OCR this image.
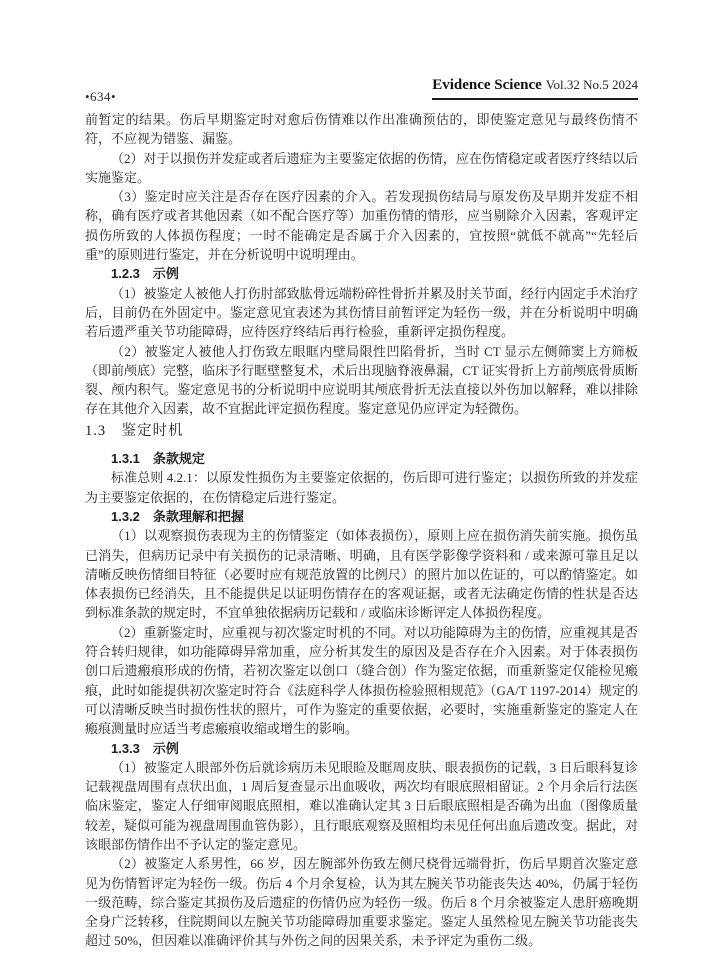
•634•
Evidence Science Vol.32 No.5 2024

前暂定的结果。伤后早期鉴定时对愈后伤情难以作出准确预估的，即使鉴定意见与最终伤情不符，不应视为错鉴、漏鉴。

（2）对于以损伤并发症或者后遗症为主要鉴定依据的伤情，应在伤情稳定或者医疗终结以后实施鉴定。

（3）鉴定时应关注是否存在医疗因素的介入。若发现损伤结局与原发伤及早期并发症不相称，确有医疗或者其他因素（如不配合医疗等）加重伤情的情形，应当剔除介入因素，客观评定损伤所致的人体损伤程度；一时不能确定是否属于介入因素的，宜按照“就低不就高”“先轻后重”的原则进行鉴定，并在分析说明中说明理由。

1.2.3　示例

（1）被鉴定人被他人打伤肘部致肱骨远端粉碎性骨折并累及肘关节面，经行内固定手术治疗后，目前仍在外固定中。鉴定意见宜表述为其伤情目前暂评定为轻伤一级，并在分析说明中明确若后遗严重关节功能障碍，应待医疗终结后再行检验，重新评定损伤程度。

（2）被鉴定人被他人打伤致左眼眶内壁局限性凹陷骨折，当时 CT 显示左侧筛窦上方筛板（即前颅底）完整，临床予行眶壁整复术，术后出现脑脊液鼻漏，CT 证实骨折上方前颅底骨质断裂、颅内积气。鉴定意见书的分析说明中应说明其颅底骨折无法直接以外伤加以解释，难以排除存在其他介入因素，故不宜据此评定损伤程度。鉴定意见仍应评定为轻微伤。

1.3　鉴定时机

1.3.1　条款规定

标准总则 4.2.1：以原发性损伤为主要鉴定依据的，伤后即可进行鉴定；以损伤所致的并发症为主要鉴定依据的，在伤情稳定后进行鉴定。

1.3.2　条款理解和把握

（1）以观察损伤表现为主的伤情鉴定（如体表损伤），原则上应在损伤消失前实施。损伤虽已消失，但病历记录中有关损伤的记录清晰、明确，且有医学影像学资料和 / 或来源可靠且足以清晰反映伤情细目特征（必要时应有规范放置的比例尺）的照片加以佐证的，可以酌情鉴定。如体表损伤已经消失，且不能提供足以证明伤情存在的客观证据，或者无法确定伤情的性状是否达到标准条款的规定时，不宜单独依据病历记载和 / 或临床诊断评定人体损伤程度。

（2）重新鉴定时，应重视与初次鉴定时机的不同。对以功能障碍为主的伤情，应重视其是否符合转归规律，如功能障碍异常加重，应分析其发生的原因及是否存在介入因素。对于体表损伤创口后遗瘢痕形成的伤情，若初次鉴定以创口（缝合创）作为鉴定依据，而重新鉴定仅能检见瘢痕，此时如能提供初次鉴定时符合《法庭科学人体损伤检验照相规范》（GA/T 1197-2014）规定的可以清晰反映当时损伤性状的照片，可作为鉴定的重要依据，必要时，实施重新鉴定的鉴定人在瘢痕测量时应适当考虑瘢痕收缩或增生的影响。

1.3.3　示例

（1）被鉴定人眼部外伤后就诊病历未见眼睑及眶周皮肤、眼表损伤的记载，3 日后眼科复诊记载视盘周围有点状出血，1 周后复查显示出血吸收，两次均有眼底照相留证。2 个月余后行法医临床鉴定，鉴定人仔细审阅眼底照相，难以准确认定其 3 日后眼底照相是否确为出血（图像质量较差，疑似可能为视盘周围血管伪影），且行眼底观察及照相均未见任何出血后遗改变。据此，对该眼部伤情作出不予认定的鉴定意见。

（2）被鉴定人系男性，66 岁，因左腕部外伤致左侧尺桡骨远端骨折，伤后早期首次鉴定意见为伤情暂评定为轻伤一级。伤后 4 个月余复检，认为其左腕关节功能丧失达 40%，仍属于轻伤一级范畴，综合鉴定其损伤及后遗症的伤情仍应为轻伤一级。伤后 8 个月余被鉴定人患肝癌晚期全身广泛转移，住院期间以左腕关节功能障碍加重要求鉴定。鉴定人虽然检见左腕关节功能丧失超过 50%，但因难以准确评价其与外伤之间的因果关系，未予评定为重伤二级。
